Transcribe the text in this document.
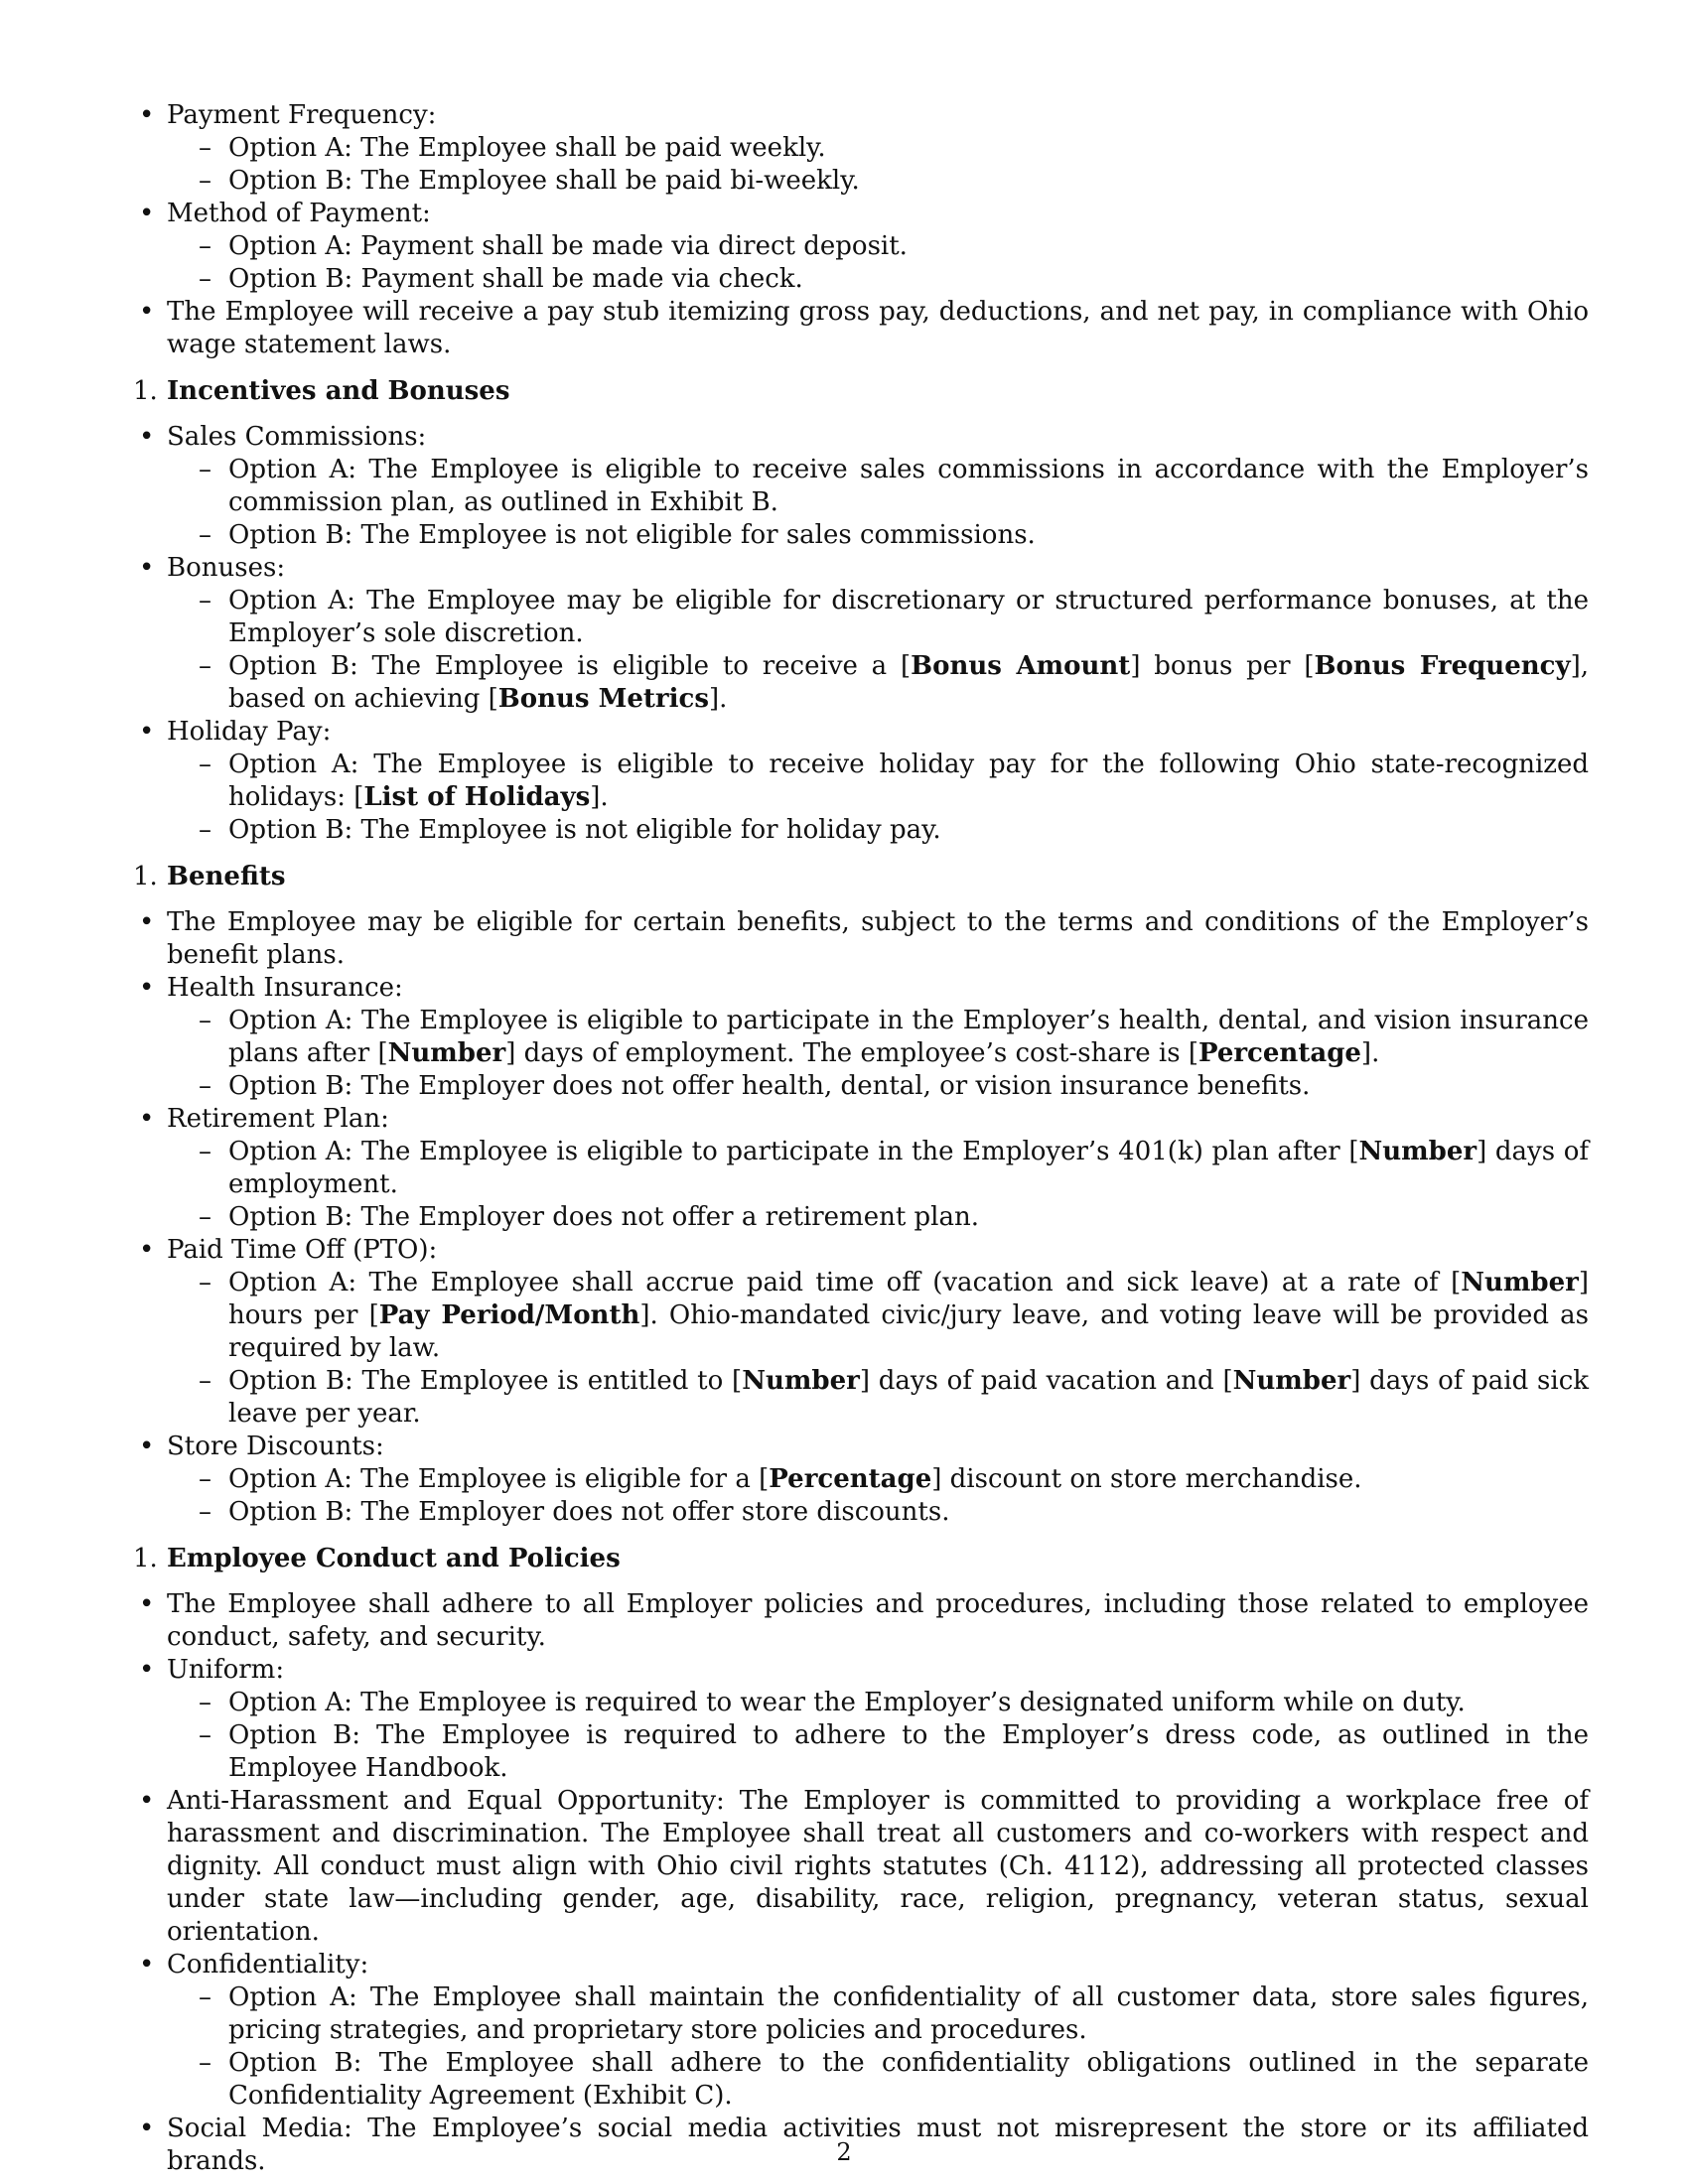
• Payment Frequency:
– Option A: The Employee shall be paid weekly.
– Option B: The Employee shall be paid bi-weekly.
• Method of Payment:
– Option A: Payment shall be made via direct deposit.
– Option B: Payment shall be made via check.
• The Employee will receive a pay stub itemizing gross pay, deductions, and net pay, in compliance with Ohio wage statement laws.
1. Incentives and Bonuses
• Sales Commissions:
– Option A: The Employee is eligible to receive sales commissions in accordance with the Employer’s commission plan, as outlined in Exhibit B.
– Option B: The Employee is not eligible for sales commissions.
• Bonuses:
– Option A: The Employee may be eligible for discretionary or structured performance bonuses, at the Employer’s sole discretion.
– Option B: The Employee is eligible to receive a [Bonus Amount] bonus per [Bonus Frequency], based on achieving [Bonus Metrics].
• Holiday Pay:
– Option A: The Employee is eligible to receive holiday pay for the following Ohio state-recognized holidays: [List of Holidays].
– Option B: The Employee is not eligible for holiday pay.
1. Benefits
• The Employee may be eligible for certain benefits, subject to the terms and conditions of the Employer’s benefit plans.
• Health Insurance:
– Option A: The Employee is eligible to participate in the Employer’s health, dental, and vision insurance plans after [Number] days of employment. The employee’s cost-share is [Percentage].
– Option B: The Employer does not offer health, dental, or vision insurance benefits.
• Retirement Plan:
– Option A: The Employee is eligible to participate in the Employer’s 401(k) plan after [Number] days of employment.
– Option B: The Employer does not offer a retirement plan.
• Paid Time Off (PTO):
– Option A: The Employee shall accrue paid time off (vacation and sick leave) at a rate of [Number] hours per [Pay Period/Month]. Ohio-mandated civic/jury leave, and voting leave will be provided as required by law.
– Option B: The Employee is entitled to [Number] days of paid vacation and [Number] days of paid sick leave per year.
• Store Discounts:
– Option A: The Employee is eligible for a [Percentage] discount on store merchandise.
– Option B: The Employer does not offer store discounts.
1. Employee Conduct and Policies
• The Employee shall adhere to all Employer policies and procedures, including those related to employee conduct, safety, and security.
• Uniform:
– Option A: The Employee is required to wear the Employer’s designated uniform while on duty.
– Option B: The Employee is required to adhere to the Employer’s dress code, as outlined in the Employee Handbook.
• Anti-Harassment and Equal Opportunity: The Employer is committed to providing a workplace free of harassment and discrimination. The Employee shall treat all customers and co-workers with respect and dignity. All conduct must align with Ohio civil rights statutes (Ch. 4112), addressing all protected classes under state law—including gender, age, disability, race, religion, pregnancy, veteran status, sexual orientation.
• Confidentiality:
– Option A: The Employee shall maintain the confidentiality of all customer data, store sales figures, pricing strategies, and proprietary store policies and procedures.
– Option B: The Employee shall adhere to the confidentiality obligations outlined in the separate Confidentiality Agreement (Exhibit C).
• Social Media: The Employee’s social media activities must not misrepresent the store or its affiliated brands.	2
